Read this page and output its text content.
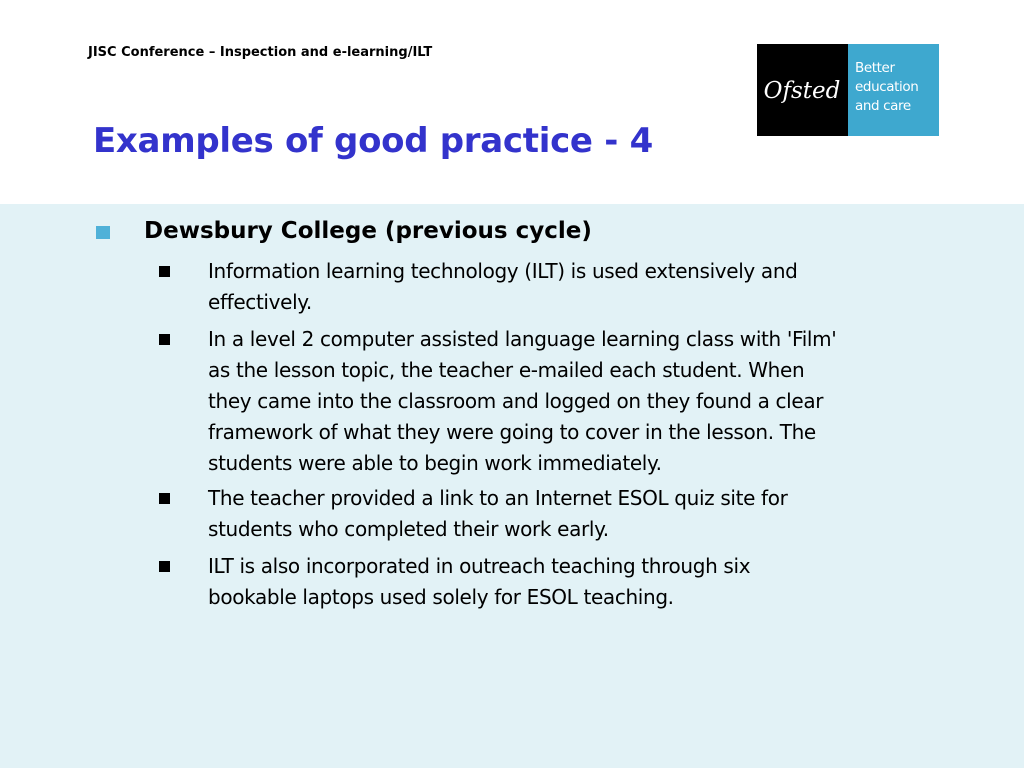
JISC Conference – Inspection and e-learning/ILT
Examples of good practice - 4
Ofsted
Better
education
and care
Dewsbury College (previous cycle)
Information learning technology (ILT) is used extensively and
effectively.
In a level 2 computer assisted language learning class with 'Film'
as the lesson topic, the teacher e-mailed each student. When
they came into the classroom and logged on they found a clear
framework of what they were going to cover in the lesson. The
students were able to begin work immediately.
The teacher provided a link to an Internet ESOL quiz site for
students who completed their work early.
ILT is also incorporated in outreach teaching through six
bookable laptops used solely for ESOL teaching.
